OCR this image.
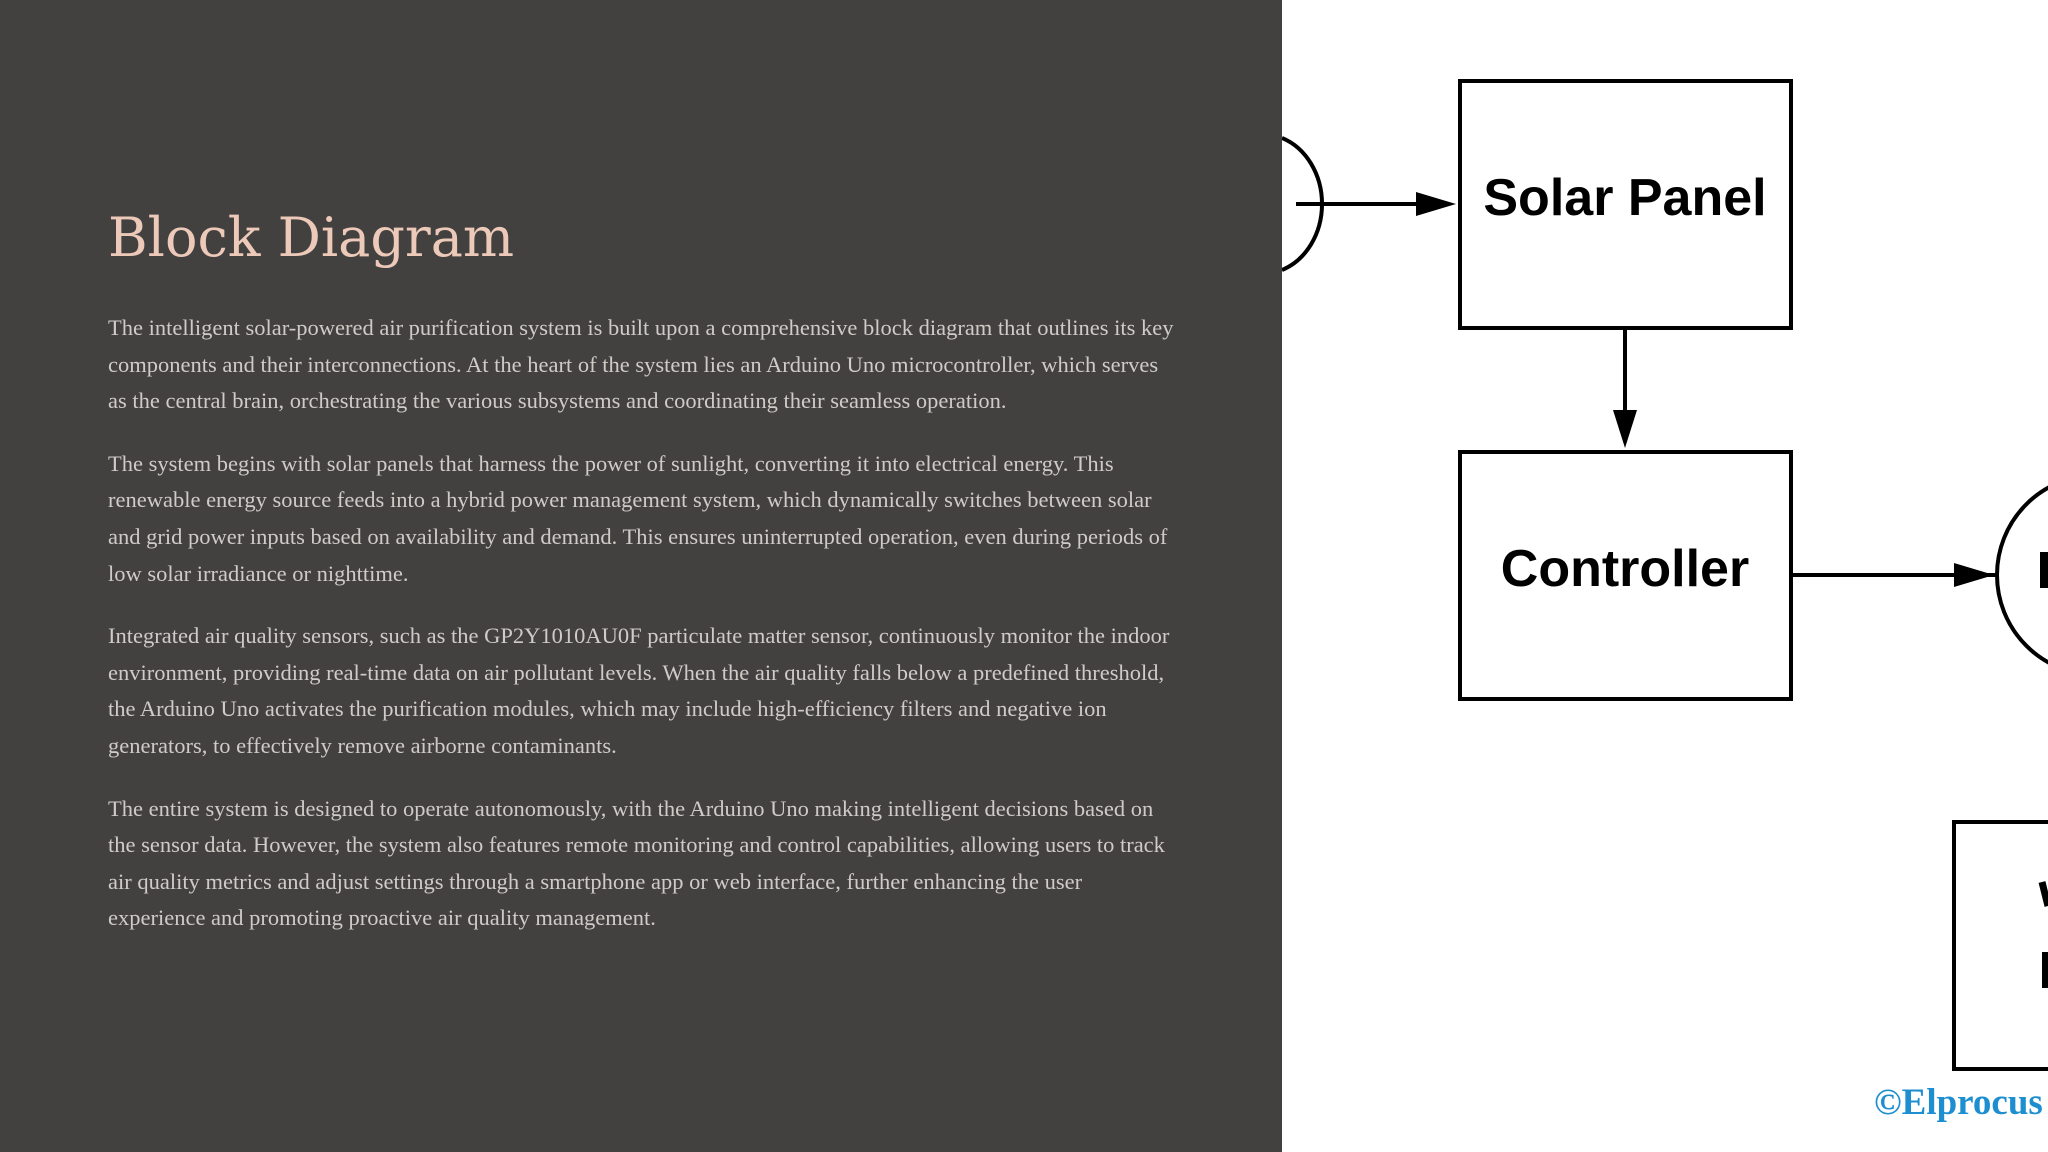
Block Diagram

The intelligent solar-powered air purification system is built upon a comprehensive block diagram that outlines its key components and their interconnections. At the heart of the system lies an Arduino Uno microcontroller, which serves as the central brain, orchestrating the various subsystems and coordinating their seamless operation.

The system begins with solar panels that harness the power of sunlight, converting it into electrical energy. This renewable energy source feeds into a hybrid power management system, which dynamically switches between solar and grid power inputs based on availability and demand. This ensures uninterrupted operation, even during periods of low solar irradiance or nighttime.

Integrated air quality sensors, such as the GP2Y1010AU0F particulate matter sensor, continuously monitor the indoor environment, providing real-time data on air pollutant levels. When the air quality falls below a predefined threshold, the Arduino Uno activates the purification modules, which may include high-efficiency filters and negative ion generators, to effectively remove airborne contaminants.

The entire system is designed to operate autonomously, with the Arduino Uno making intelligent decisions based on the sensor data. However, the system also features remote monitoring and control capabilities, allowing users to track air quality metrics and adjust settings through a smartphone app or web interface, further enhancing the user experience and promoting proactive air quality management.

Solar Panel
Controller
©Elprocus
